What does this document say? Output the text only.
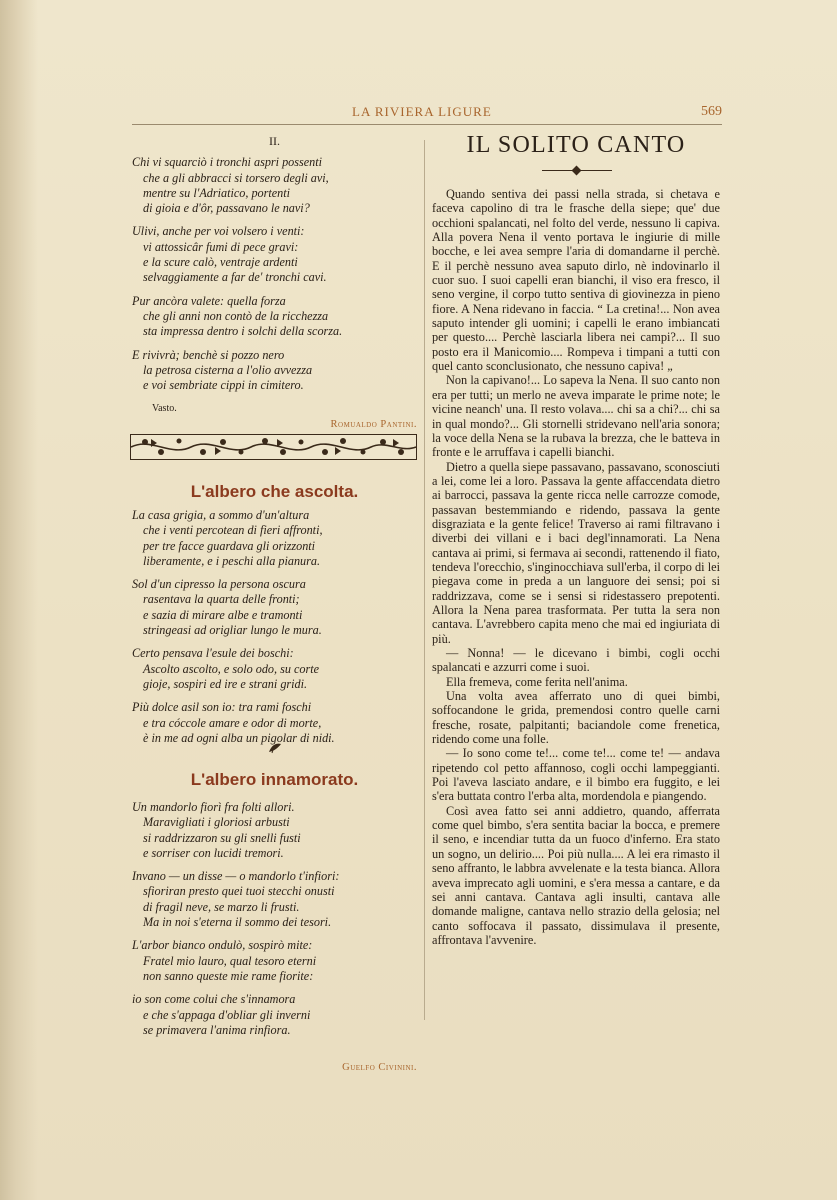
LA RIVIERA LIGURE	569
II.
Chi vi squarciò i tronchi aspri possenti
che a gli abbracci si torsero degli avi,
mentre su l'Adriatico, portenti
di gioia e d'ôr, passavano le navi?
Ulivi, anche per voi volsero i venti:
vi attossicâr fumi di pece gravi:
e la scure calò, ventraje ardenti
selvaggiamente a far de' tronchi cavi.
Pur ancòra valete: quella forza
che gli anni non contò de la ricchezza
sta impressa dentro i solchi della scorza.
E rivivrà; benchè si pozzo nero
la petrosa cisterna a l'olio avvezza
e voi sembriate cippi in cimitero.
Vasto.
Romualdo Pantini.
L'albero che ascolta.
La casa grigia, a sommo d'un'altura
che i venti percotean di fieri affronti,
per tre facce guardava gli orizzonti
liberamente, e i peschi alla pianura.
Sol d'un cipresso la persona oscura
rasentava la quarta delle fronti;
e sazia di mirare albe e tramonti
stringeasi ad origliar lungo le mura.
Certo pensava l'esule dei boschi:
Ascolto ascolto, e solo odo, su corte
gioje, sospiri ed ire e strani gridi.
Più dolce asil son io: tra rami foschi
e tra cóccole amare e odor di morte,
è in me ad ogni alba un pigolar di nidi.
L'albero innamorato.
Un mandorlo fiorì fra folti allori.
Maravigliati i gloriosi arbusti
si raddrizzaron su gli snelli fusti
e sorriser con lucidi tremori.
Invano — un disse — o mandorlo t'infiori:
sfioriran presto quei tuoi stecchi onusti
di fragil neve, se marzo li frusti.
Ma in noi s'eterna il sommo dei tesori.
L'arbor bianco ondulò, sospirò mite:
Fratel mio lauro, qual tesoro eterni
non sanno queste mie rame fiorite:
io son come colui che s'innamora
e che s'appaga d'obliar gli inverni
se primavera l'anima rinfiora.
Guelfo Civinini.
IL SOLITO CANTO

Quando sentiva dei passi nella strada, si chetava e faceva capolino di tra le frasche della siepe; que' due occhioni spalancati, nel folto del verde, nessuno li capiva. Alla povera Nena il vento portava le ingiurie di mille bocche, e lei avea sempre l'aria di domandarne il perchè. E il perchè nessuno avea saputo dirlo, nè indovinarlo il cuor suo. I suoi capelli eran bianchi, il viso era fresco, il seno vergine, il corpo tutto sentiva di giovinezza in pieno fiore. A Nena ridevano in faccia. “ La cretina!... Non avea saputo intender gli uomini; i capelli le erano imbiancati per questo.... Perchè lasciarla libera nei campi?... Il suo posto era il Manicomio.... Rompeva i timpani a tutti con quel canto sconclusionato, che nessuno capiva! „

Non la capivano!... Lo sapeva la Nena. Il suo canto non era per tutti; un merlo ne aveva imparate le prime note; le vicine neanch' una. Il resto volava.... chi sa a chi?... chi sa in qual mondo?... Gli stornelli stridevano nell'aria sonora; la voce della Nena se la rubava la brezza, che le batteva in fronte e le arruffava i capelli bianchi.

Dietro a quella siepe passavano, passavano, sconosciuti a lei, come lei a loro. Passava la gente affaccendata dietro ai barrocci, passava la gente ricca nelle carrozze comode, passavan bestemmiando e ridendo, passava la gente disgraziata e la gente felice! Traverso ai rami filtravano i diverbi dei villani e i baci degl'innamorati. La Nena cantava ai primi, si fermava ai secondi, rattenendo il fiato, tendeva l'orecchio, s'inginocchiava sull'erba, il corpo di lei piegava come in preda a un languore dei sensi; poi si raddrizzava, come se i sensi si ridestassero prepotenti. Allora la Nena parea trasformata. Per tutta la sera non cantava. L'avrebbero capita meno che mai ed ingiuriata di più.

— Nonna! — le dicevano i bimbi, cogli occhi spalancati e azzurri come i suoi.

Ella fremeva, come ferita nell'anima.

Una volta avea afferrato uno di quei bimbi, soffocandone le grida, premendosi contro quelle carni fresche, rosate, palpitanti; baciandole come frenetica, ridendo come una folle.

— Io sono come te!... come te!... come te! — andava ripetendo col petto affannoso, cogli occhi lampeggianti. Poi l'aveva lasciato andare, e il bimbo era fuggito, e lei s'era buttata contro l'erba alta, mordendola e piangendo.

Così avea fatto sei anni addietro, quando, afferrata come quel bimbo, s'era sentita baciar la bocca, e premere il seno, e incendiar tutta da un fuoco d'inferno. Era stato un sogno, un delirio.... Poi più nulla.... A lei era rimasto il seno affranto, le labbra avvelenate e la testa bianca. Allora aveva imprecato agli uomini, e s'era messa a cantare, e da sei anni cantava. Cantava agli insulti, cantava alle domande maligne, cantava nello strazio della gelosia; nel canto soffocava il passato, dissimulava il presente, affrontava l'avvenire.
